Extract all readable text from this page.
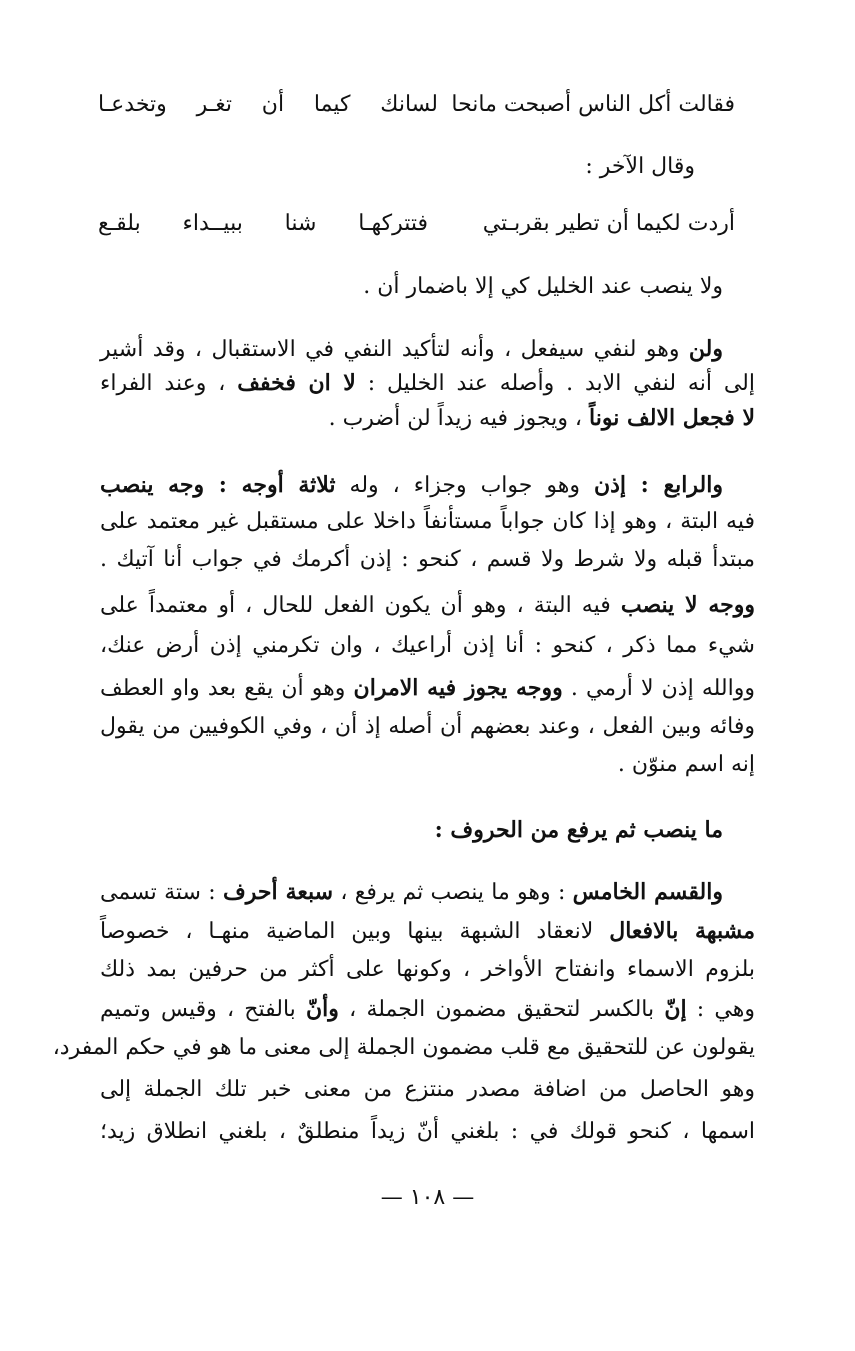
فقالت أكل الناس أصبحت مانحا
لسانك كيما أن تغـر وتخدعـا
وقال الآخر :
أردت لكيما أن تطير بقربـتي
فتتركهـا شنا ببيــداء بلقـع
ولا ينصب عند الخليل كي إلا باضمار أن .
ولن وهو لنفي سيفعل ، وأنه لتأكيد النفي في الاستقبال ، وقد أشير
إلى أنه لنفي الابد . وأصله عند الخليل : لا ان فخفف ، وعند الفراء
لا فجعل الالف نوناً ، ويجوز فيه زيداً لن أضرب .
والرابع : إذن وهو جواب وجزاء ، وله ثلاثة أوجه : وجه ينصب
فيه البتة ، وهو إذا كان جواباً مستأنفاً داخلا على مستقبل غير معتمد على
مبتدأ قبله ولا شرط ولا قسم ، كنحو : إذن أكرمك في جواب أنا آتيك .
ووجه لا ينصب فيه البتة ، وهو أن يكون الفعل للحال ، أو معتمداً على
شيء مما ذكر ، كنحو : أنا إذن أراعيك ، وان تكرمني إذن أرض عنك،
ووالله إذن لا أرمي . ووجه يجوز فيه الامران وهو أن يقع بعد واو العطف
وفائه وبين الفعل ، وعند بعضهم أن أصله إذ أن ، وفي الكوفيين من يقول
إنه اسم منوّن .
ما ينصب ثم يرفع من الحروف :
والقسم الخامس : وهو ما ينصب ثم يرفع ، سبعة أحرف : ستة تسمى
مشبهة بالافعال لانعقاد الشبهة بينها وبين الماضية منهـا ، خصوصاً
بلزوم الاسماء وانفتاح الأواخر ، وكونها على أكثر من حرفين بمد ذلك
وهي : إنّ بالكسر لتحقيق مضمون الجملة ، وأنّ بالفتح ، وقيس وتميم
يقولون عن للتحقيق مع قلب مضمون الجملة إلى معنى ما هو في حكم المفرد،
وهو الحاصل من اضافة مصدر منتزع من معنى خبر تلك الجملة إلى
اسمها ، كنحو قولك في : بلغني أنّ زيداً منطلقٌ ، بلغني انطلاق زيد؛
— ١٠٨ —
